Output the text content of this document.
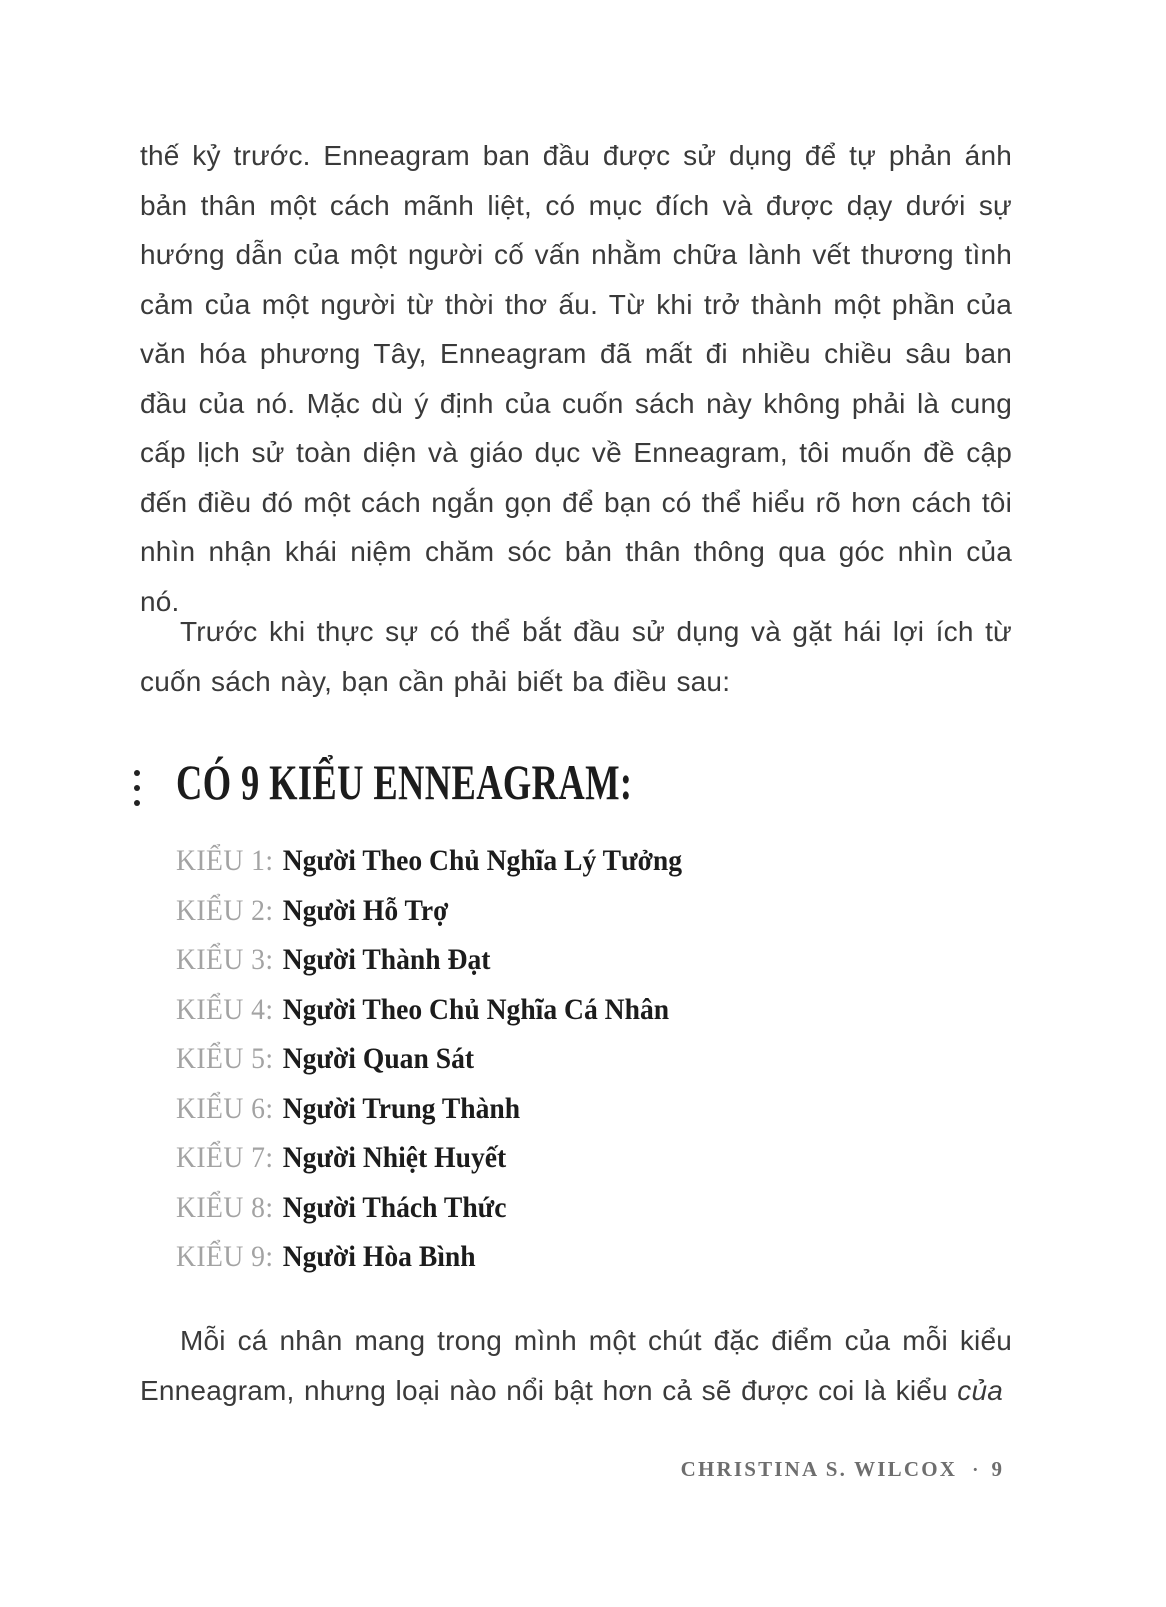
thế kỷ trước. Enneagram ban đầu được sử dụng để tự phản ánh bản thân một cách mãnh liệt, có mục đích và được dạy dưới sự hướng dẫn của một người cố vấn nhằm chữa lành vết thương tình cảm của một người từ thời thơ ấu. Từ khi trở thành một phần của văn hóa phương Tây, Enneagram đã mất đi nhiều chiều sâu ban đầu của nó. Mặc dù ý định của cuốn sách này không phải là cung cấp lịch sử toàn diện và giáo dục về Enneagram, tôi muốn đề cập đến điều đó một cách ngắn gọn để bạn có thể hiểu rõ hơn cách tôi nhìn nhận khái niệm chăm sóc bản thân thông qua góc nhìn của nó.

Trước khi thực sự có thể bắt đầu sử dụng và gặt hái lợi ích từ cuốn sách này, bạn cần phải biết ba điều sau:

CÓ 9 KIỂU ENNEAGRAM:
KIỂU 1: Người Theo Chủ Nghĩa Lý Tưởng
KIỂU 2: Người Hỗ Trợ
KIỂU 3: Người Thành Đạt
KIỂU 4: Người Theo Chủ Nghĩa Cá Nhân
KIỂU 5: Người Quan Sát
KIỂU 6: Người Trung Thành
KIỂU 7: Người Nhiệt Huyết
KIỂU 8: Người Thách Thức
KIỂU 9: Người Hòa Bình

Mỗi cá nhân mang trong mình một chút đặc điểm của mỗi kiểu Enneagram, nhưng loại nào nổi bật hơn cả sẽ được coi là kiểu của

CHRISTINA S. WILCOX · 9
